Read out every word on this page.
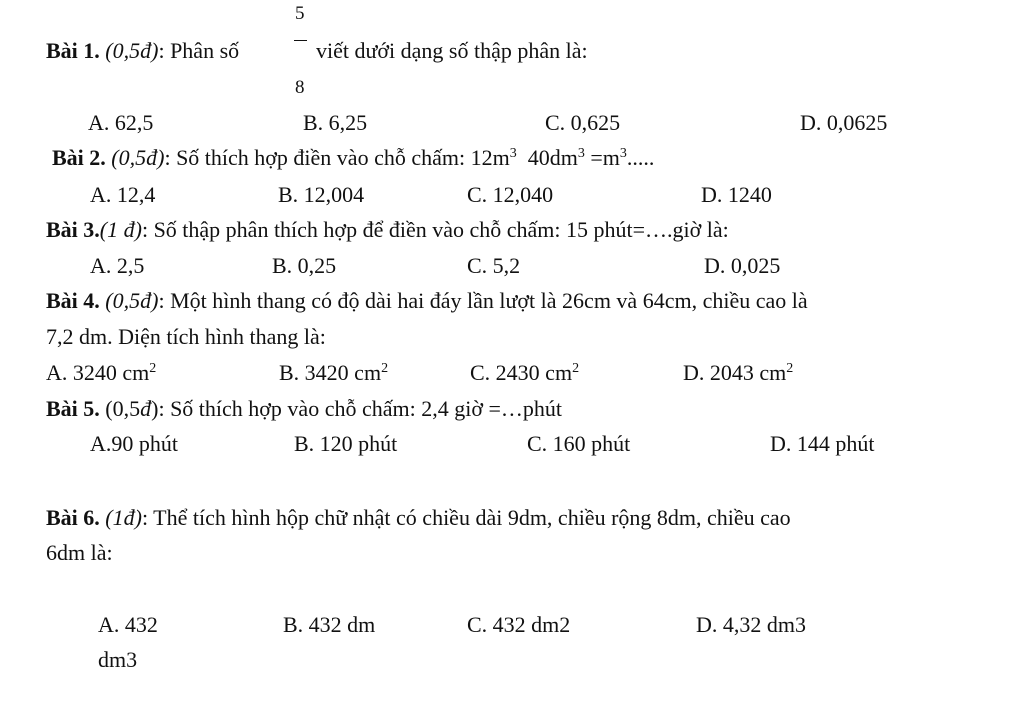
Bài 1. (0,5đ): Phân số
5
8
viết dưới dạng số thập phân là:
A. 62,5	B. 6,25	C. 0,625	D. 0,0625
Bài 2. (0,5đ): Số thích hợp điền vào chỗ chấm: $12m^3$  $40dm^3 =m^3$.....
A. 12,4	B. 12,004	C. 12,040	D. 1240
Bài 3.(1 đ): Số thập phân thích hợp để điền vào chỗ chấm: 15 phút=….giờ là:
A. 2,5	B. 0,25	C. 5,2	D. 0,025
Bài 4. (0,5đ): Một hình thang có độ dài hai đáy lần lượt là 26cm và 64cm, chiều cao là
7,2 dm. Diện tích hình thang là:
A. 3240 $cm^2$	B. 3420 $cm^2$	C. 2430 $cm^2$	D. 2043 $cm^2$
Bài 5. (0,5đ): Số thích hợp vào chỗ chấm: 2,4 giờ =…phút
A.90 phút	B. 120 phút	C. 160 phút	D. 144 phút
Bài 6. (1đ): Thể tích hình hộp chữ nhật có chiều dài 9dm, chiều rộng 8dm, chiều cao
6dm là:
A. 432
dm3
B. 432 dm	C. 432 dm2	D. 4,32 dm3
